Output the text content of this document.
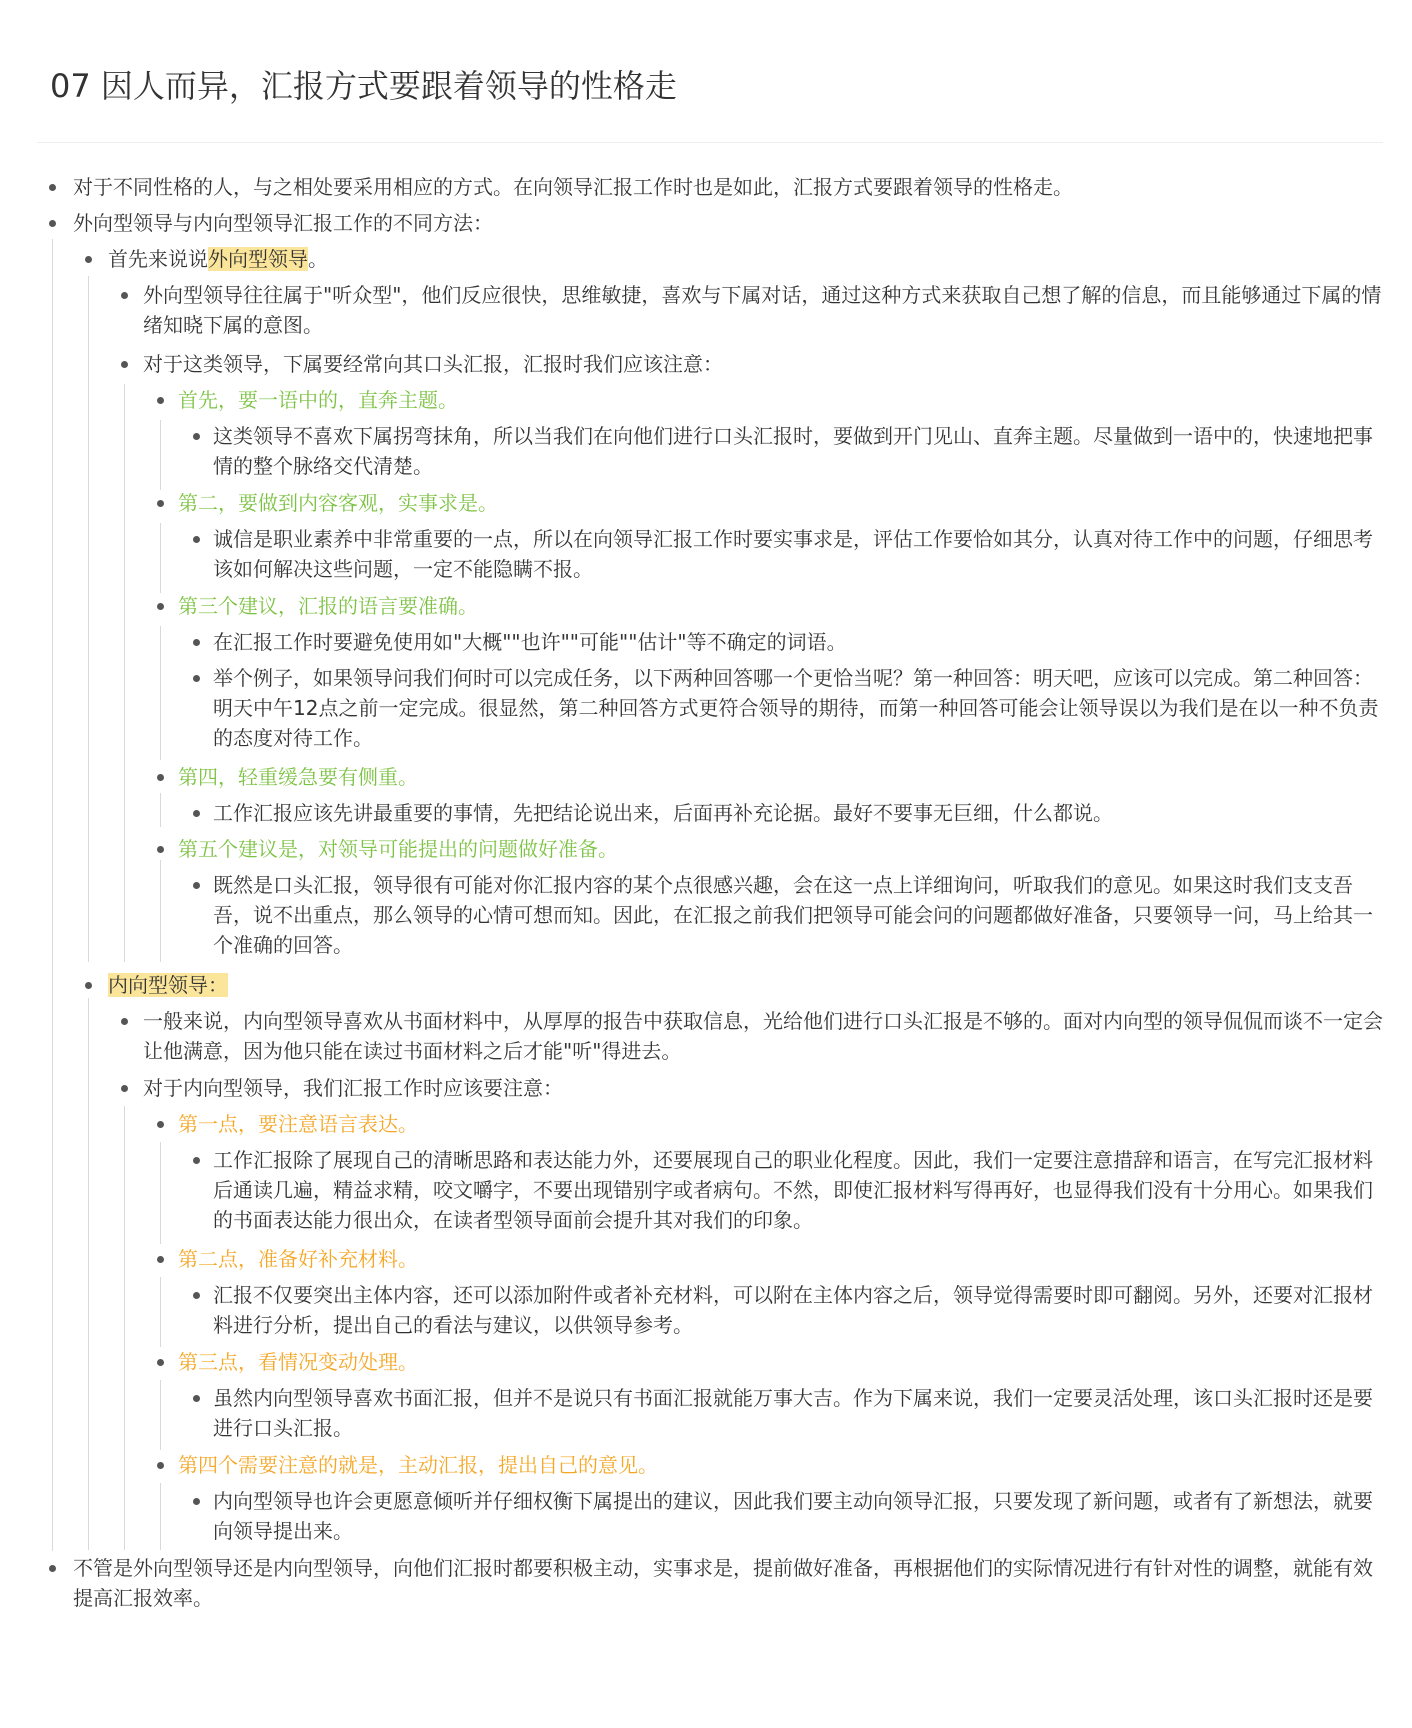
07 因人而异，汇报方式要跟着领导的性格走
对于不同性格的人，与之相处要采用相应的方式。在向领导汇报工作时也是如此，汇报方式要跟着领导的性格走。
外向型领导与内向型领导汇报工作的不同方法：
首先来说说外向型领导。
外向型领导往往属于"听众型"，他们反应很快，思维敏捷，喜欢与下属对话，通过这种方式来获取自己想了解的信息，而且能够通过下属的情绪知晓下属的意图。
对于这类领导，下属要经常向其口头汇报，汇报时我们应该注意：
首先，要一语中的，直奔主题。
这类领导不喜欢下属拐弯抹角，所以当我们在向他们进行口头汇报时，要做到开门见山、直奔主题。尽量做到一语中的，快速地把事情的整个脉络交代清楚。
第二，要做到内容客观，实事求是。
诚信是职业素养中非常重要的一点，所以在向领导汇报工作时要实事求是，评估工作要恰如其分，认真对待工作中的问题，仔细思考该如何解决这些问题，一定不能隐瞒不报。
第三个建议，汇报的语言要准确。
在汇报工作时要避免使用如"大概""也许""可能""估计"等不确定的词语。
举个例子，如果领导问我们何时可以完成任务，以下两种回答哪一个更恰当呢？第一种回答：明天吧，应该可以完成。第二种回答：明天中午12点之前一定完成。很显然，第二种回答方式更符合领导的期待，而第一种回答可能会让领导误以为我们是在以一种不负责的态度对待工作。
第四，轻重缓急要有侧重。
工作汇报应该先讲最重要的事情，先把结论说出来，后面再补充论据。最好不要事无巨细，什么都说。
第五个建议是，对领导可能提出的问题做好准备。
既然是口头汇报，领导很有可能对你汇报内容的某个点很感兴趣，会在这一点上详细询问，听取我们的意见。如果这时我们支支吾吾，说不出重点，那么领导的心情可想而知。因此，在汇报之前我们把领导可能会问的问题都做好准备，只要领导一问，马上给其一个准确的回答。
内向型领导：
一般来说，内向型领导喜欢从书面材料中，从厚厚的报告中获取信息，光给他们进行口头汇报是不够的。面对内向型的领导侃侃而谈不一定会让他满意，因为他只能在读过书面材料之后才能"听"得进去。
对于内向型领导，我们汇报工作时应该要注意：
第一点，要注意语言表达。
工作汇报除了展现自己的清晰思路和表达能力外，还要展现自己的职业化程度。因此，我们一定要注意措辞和语言，在写完汇报材料后通读几遍，精益求精，咬文嚼字，不要出现错别字或者病句。不然，即使汇报材料写得再好，也显得我们没有十分用心。如果我们的书面表达能力很出众，在读者型领导面前会提升其对我们的印象。
第二点，准备好补充材料。
汇报不仅要突出主体内容，还可以添加附件或者补充材料，可以附在主体内容之后，领导觉得需要时即可翻阅。另外，还要对汇报材料进行分析，提出自己的看法与建议，以供领导参考。
第三点，看情况变动处理。
虽然内向型领导喜欢书面汇报，但并不是说只有书面汇报就能万事大吉。作为下属来说，我们一定要灵活处理，该口头汇报时还是要进行口头汇报。
第四个需要注意的就是，主动汇报，提出自己的意见。
内向型领导也许会更愿意倾听并仔细权衡下属提出的建议，因此我们要主动向领导汇报，只要发现了新问题，或者有了新想法，就要向领导提出来。
不管是外向型领导还是内向型领导，向他们汇报时都要积极主动，实事求是，提前做好准备，再根据他们的实际情况进行有针对性的调整，就能有效提高汇报效率。
